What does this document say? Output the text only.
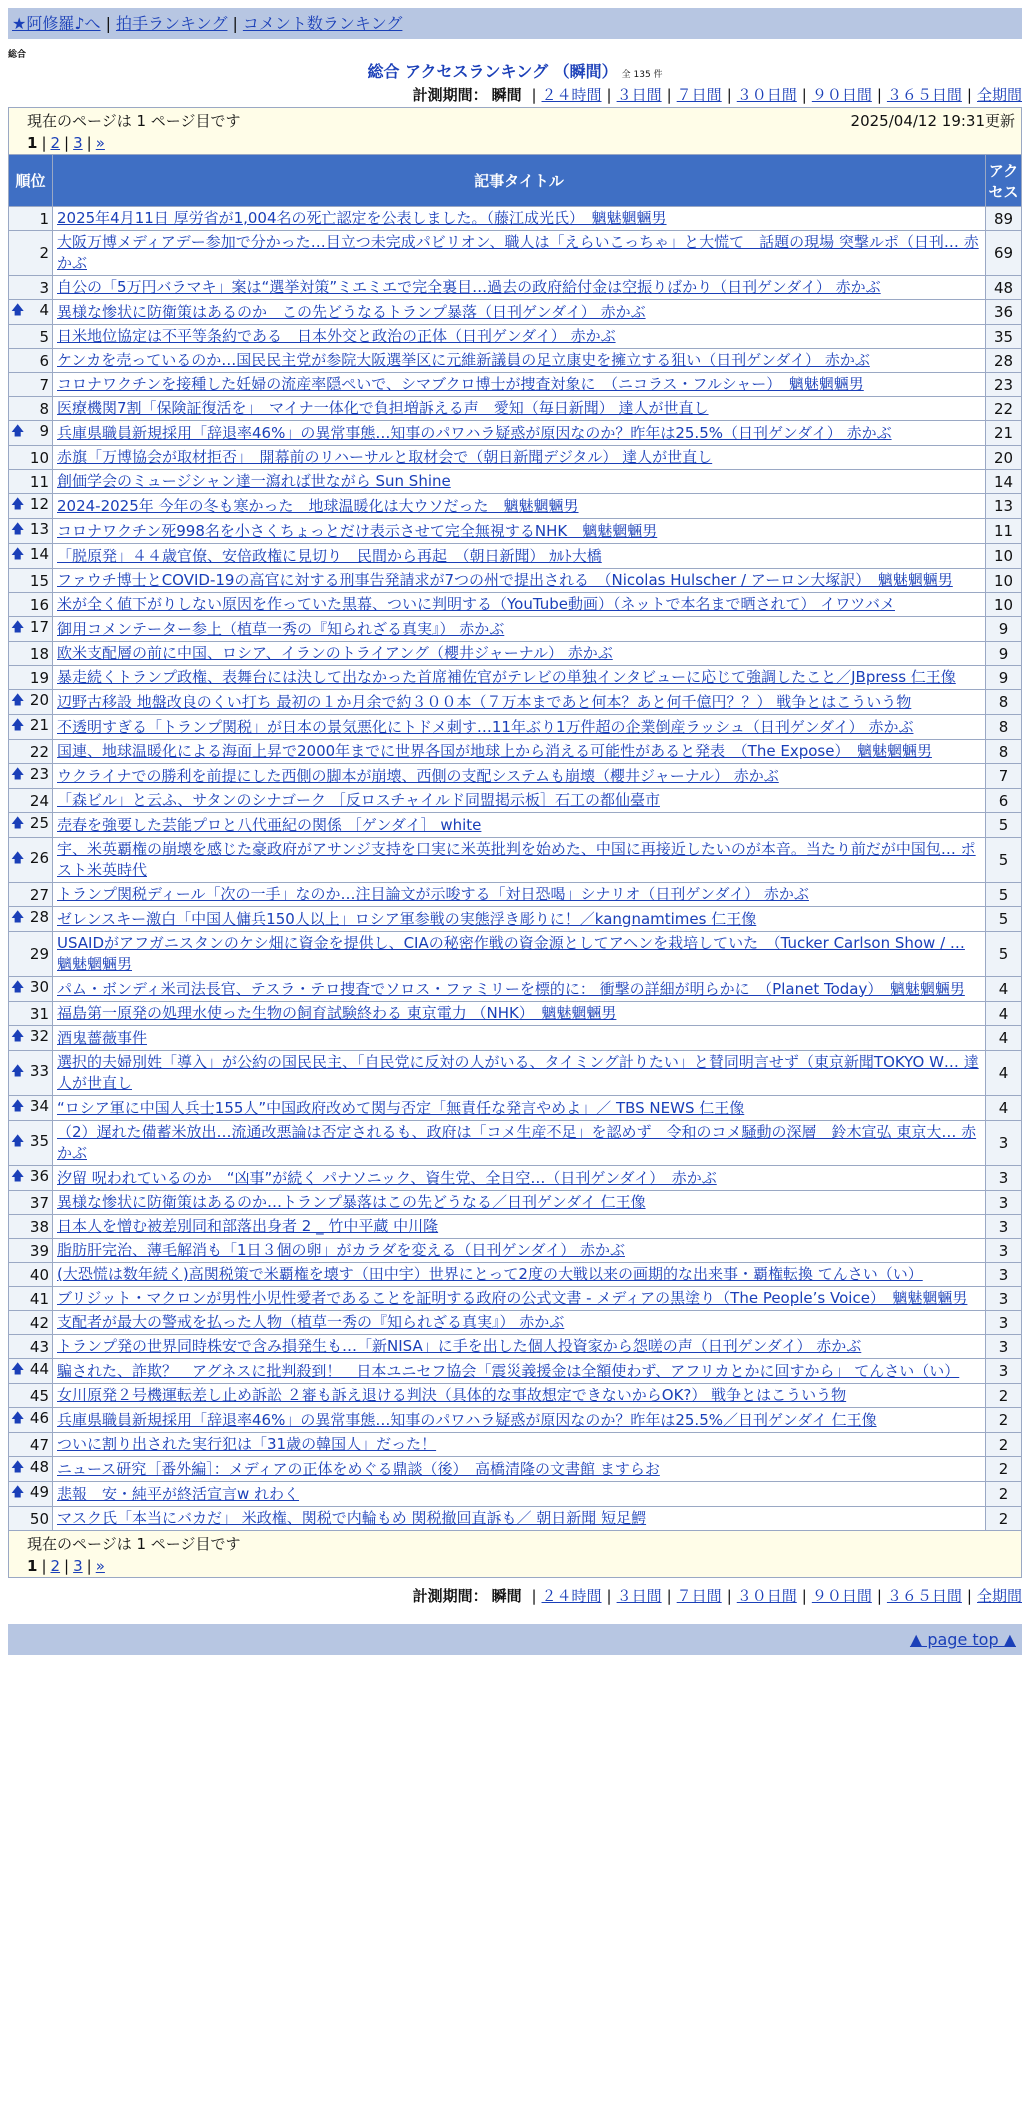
★阿修羅♪へ | 拍手ランキング | コメント数ランキング
総合
総合 アクセスランキング （瞬間） 全 135 件
計測期間： 瞬間 | ２４時間 | ３日間 | ７日間 | ３０日間 | ９０日間 | ３６５日間 | 全期間
現在のページは 1 ページ目です 2025/04/12 19:31更新
1 | 2 | 3 | »		

順位	記事タイトル	アクセス
1	2025年4月11日 厚労省が1,004名の死亡認定を公表しました。（藤江成光氏）　魑魅魍魎男	89
2	大阪万博メディアデー参加で分かった…目立つ未完成パビリオン、職人は「えらいこっちゃ」と大慌て　話題の現場 突撃ルポ（日刊… 赤かぶ	69
3	自公の「5万円バラマキ」案は“選挙対策”ミエミエで完全裏目…過去の政府給付金は空振りばかり（日刊ゲンダイ） 赤かぶ	48

🡅 4	異様な惨状に防衛策はあるのか　この先どうなるトランプ暴落（日刊ゲンダイ） 赤かぶ	36
5	日米地位協定は不平等条約である　日本外交と政治の正体（日刊ゲンダイ） 赤かぶ	35
6	ケンカを売っているのか…国民民主党が参院大阪選挙区に元維新議員の足立康史を擁立する狙い（日刊ゲンダイ） 赤かぶ	28
7	コロナワクチンを接種した妊婦の流産率隠ぺいで、シマブクロ博士が捜査対象に　（ニコラス・フルシャー）　魑魅魍魎男	23
8	医療機関7割「保険証復活を」　マイナ一体化で負担増訴える声　愛知（毎日新聞） 達人が世直し	22

🡅 9	兵庫県職員新規採用「辞退率46%」の異常事態…知事のパワハラ疑惑が原因なのか？昨年は25.5%（日刊ゲンダイ） 赤かぶ	21
10	赤旗「万博協会が取材拒否」　開幕前のリハーサルと取材会で（朝日新聞デジタル） 達人が世直し	20
11	創価学会のミュージシャン達一瀉れば世ながら Sun Shine	14

🡅 12	2024-2025年 今年の冬も寒かった　地球温暖化は大ウソだった　魑魅魍魎男	13

🡅 13	コロナワクチン死998名を小さくちょっとだけ表示させて完全無視するNHK　魑魅魍魎男	11

🡅 14	「脱原発」４４歳官僚、安倍政権に見切り　民間から再起　（朝日新聞） ｶﾙﾄ大橋	10
15	ファウチ博士とCOVID-19の高官に対する刑事告発請求が7つの州で提出される　（Nicolas Hulscher / アーロン大塚訳）　魑魅魍魎男	10
16	米が全く値下がりしない原因を作っていた黒幕、ついに判明する（YouTube動画）（ネットで本名まで晒されて） イワツバメ	10

🡅 17	御用コメンテーター参上（植草一秀の『知られざる真実』） 赤かぶ	9
18	欧米支配層の前に中国、ロシア、イランのトライアング（櫻井ジャーナル） 赤かぶ	9
19	暴走続くトランプ政権、表舞台には決して出なかった首席補佐官がテレビの単独インタビューに応じて強調したこと／JBpress 仁王像	9

🡅 20	辺野古移設 地盤改良のくい打ち 最初の１か月余で約３００本（７万本まであと何本？あと何千億円？？） 戦争とはこういう物	8

🡅 21	不透明すぎる「トランプ関税」が日本の景気悪化にトドメ刺す…11年ぶり1万件超の企業倒産ラッシュ（日刊ゲンダイ） 赤かぶ	8
22	国連、地球温暖化による海面上昇で2000年までに世界各国が地球上から消える可能性があると発表　（The Expose）　魑魅魍魎男	8

🡅 23	ウクライナでの勝利を前提にした西側の脚本が崩壊、西側の支配システムも崩壊（櫻井ジャーナル） 赤かぶ	7
24	「森ビル」と云ふ、サタンのシナゴーク ［反ロスチャイルド同盟掲示板］石工の都仙臺市	6

🡅 25	売春を強要した芸能プロと八代亜紀の関係 ［ゲンダイ］ white	5

🡅 26	宇、米英覇権の崩壊を感じた豪政府がアサンジ支持を口実に米英批判を始めた、中国に再接近したいのが本音。当たり前だが中国包… ポスト米英時代	5
27	トランプ関税ディール「次の一手」なのか…注目論文が示唆する「対日恐喝」シナリオ（日刊ゲンダイ） 赤かぶ	5

🡅 28	ゼレンスキー激白「中国人傭兵150人以上」ロシア軍参戦の実態浮き彫りに！／kangnamtimes 仁王像	5
29	USAIDがアフガニスタンのケシ畑に資金を提供し、CIAの秘密作戦の資金源としてアヘンを栽培していた　（Tucker Carlson Show / … 魑魅魍魎男	5

🡅 30	パム・ボンディ米司法長官、テスラ・テロ捜査でソロス・ファミリーを標的に： 衝撃の詳細が明らかに　（Planet Today）　魑魅魍魎男	4
31	福島第一原発の処理水使った生物の飼育試験終わる 東京電力 （NHK）　魑魅魍魎男	4

🡅 32	酒鬼薔薇事件	4

🡅 33	選択的夫婦別姓「導入」が公約の国民民主、「自民党に反対の人がいる、タイミング計りたい」と賛同明言せず（東京新聞TOKYO W… 達人が世直し	4

🡅 34	“ロシア軍に中国人兵士155人”中国政府改めて関与否定「無責任な発言やめよ」／ TBS NEWS 仁王像	4

🡅 35	（2）遅れた備蓄米放出…流通改悪論は否定されるも、政府は「コメ生産不足」を認めず　令和のコメ騒動の深層　鈴木宣弘 東京大… 赤かぶ	3

🡅 36	汐留 呪われているのか　“凶事”が続く パナソニック、資生党、全日空…（日刊ゲンダイ）　赤かぶ	3
37	異様な惨状に防衛策はあるのか…トランプ暴落はこの先どうなる／日刊ゲンダイ 仁王像	3
38	日本人を憎む被差別同和部落出身者 2 _ 竹中平蔵 中川隆	3
39	脂肪肝完治、薄毛解消も「1日３個の卵」がカラダを変える（日刊ゲンダイ） 赤かぶ	3
40	(大恐慌は数年続く)高関税策で米覇権を壊す（田中宇）世界にとって2度の大戦以来の画期的な出来事・覇権転換 てんさい（い）	3
41	ブリジット・マクロンが男性小児性愛者であることを証明する政府の公式文書 - メディアの黒塗り（The People’s Voice）　魑魅魍魎男	3
42	支配者が最大の警戒を払った人物（植草一秀の『知られざる真実』） 赤かぶ	3
43	トランプ発の世界同時株安で含み損発生も…「新NISA」に手を出した個人投資家から怨嗟の声（日刊ゲンダイ） 赤かぶ	3

🡅 44	騙された、詐欺？　アグネスに批判殺到！　日本ユニセフ協会「震災義援金は全額使わず、アフリカとかに回すから」 てんさい（い）	3
45	女川原発２号機運転差し止め訴訟 ２審も訴え退ける判決（具体的な事故想定できないからOK?） 戦争とはこういう物	2

🡅 46	兵庫県職員新規採用「辞退率46%」の異常事態…知事のパワハラ疑惑が原因なのか？昨年は25.5%／日刊ゲンダイ 仁王像	2
47	ついに割り出された実行犯は「31歳の韓国人」だった！	2

🡅 48	ニュース研究［番外編］：メディアの正体をめぐる鼎談（後）　高橋清隆の文書館 ますらお	2

🡅 49	悲報　安・純平が終活宣言w れわく	2
50	マスク氏「本当にバカだ」 米政権、関税で内輪もめ 関税撤回直訴も／ 朝日新聞 短足鰐	2

現在のページは 1 ページ目です
1 | 2 | 3 | »		
計測期間： 瞬間 | ２４時間 | ３日間 | ７日間 | ３０日間 | ９０日間 | ３６５日間 | 全期間
▲ page top ▲
